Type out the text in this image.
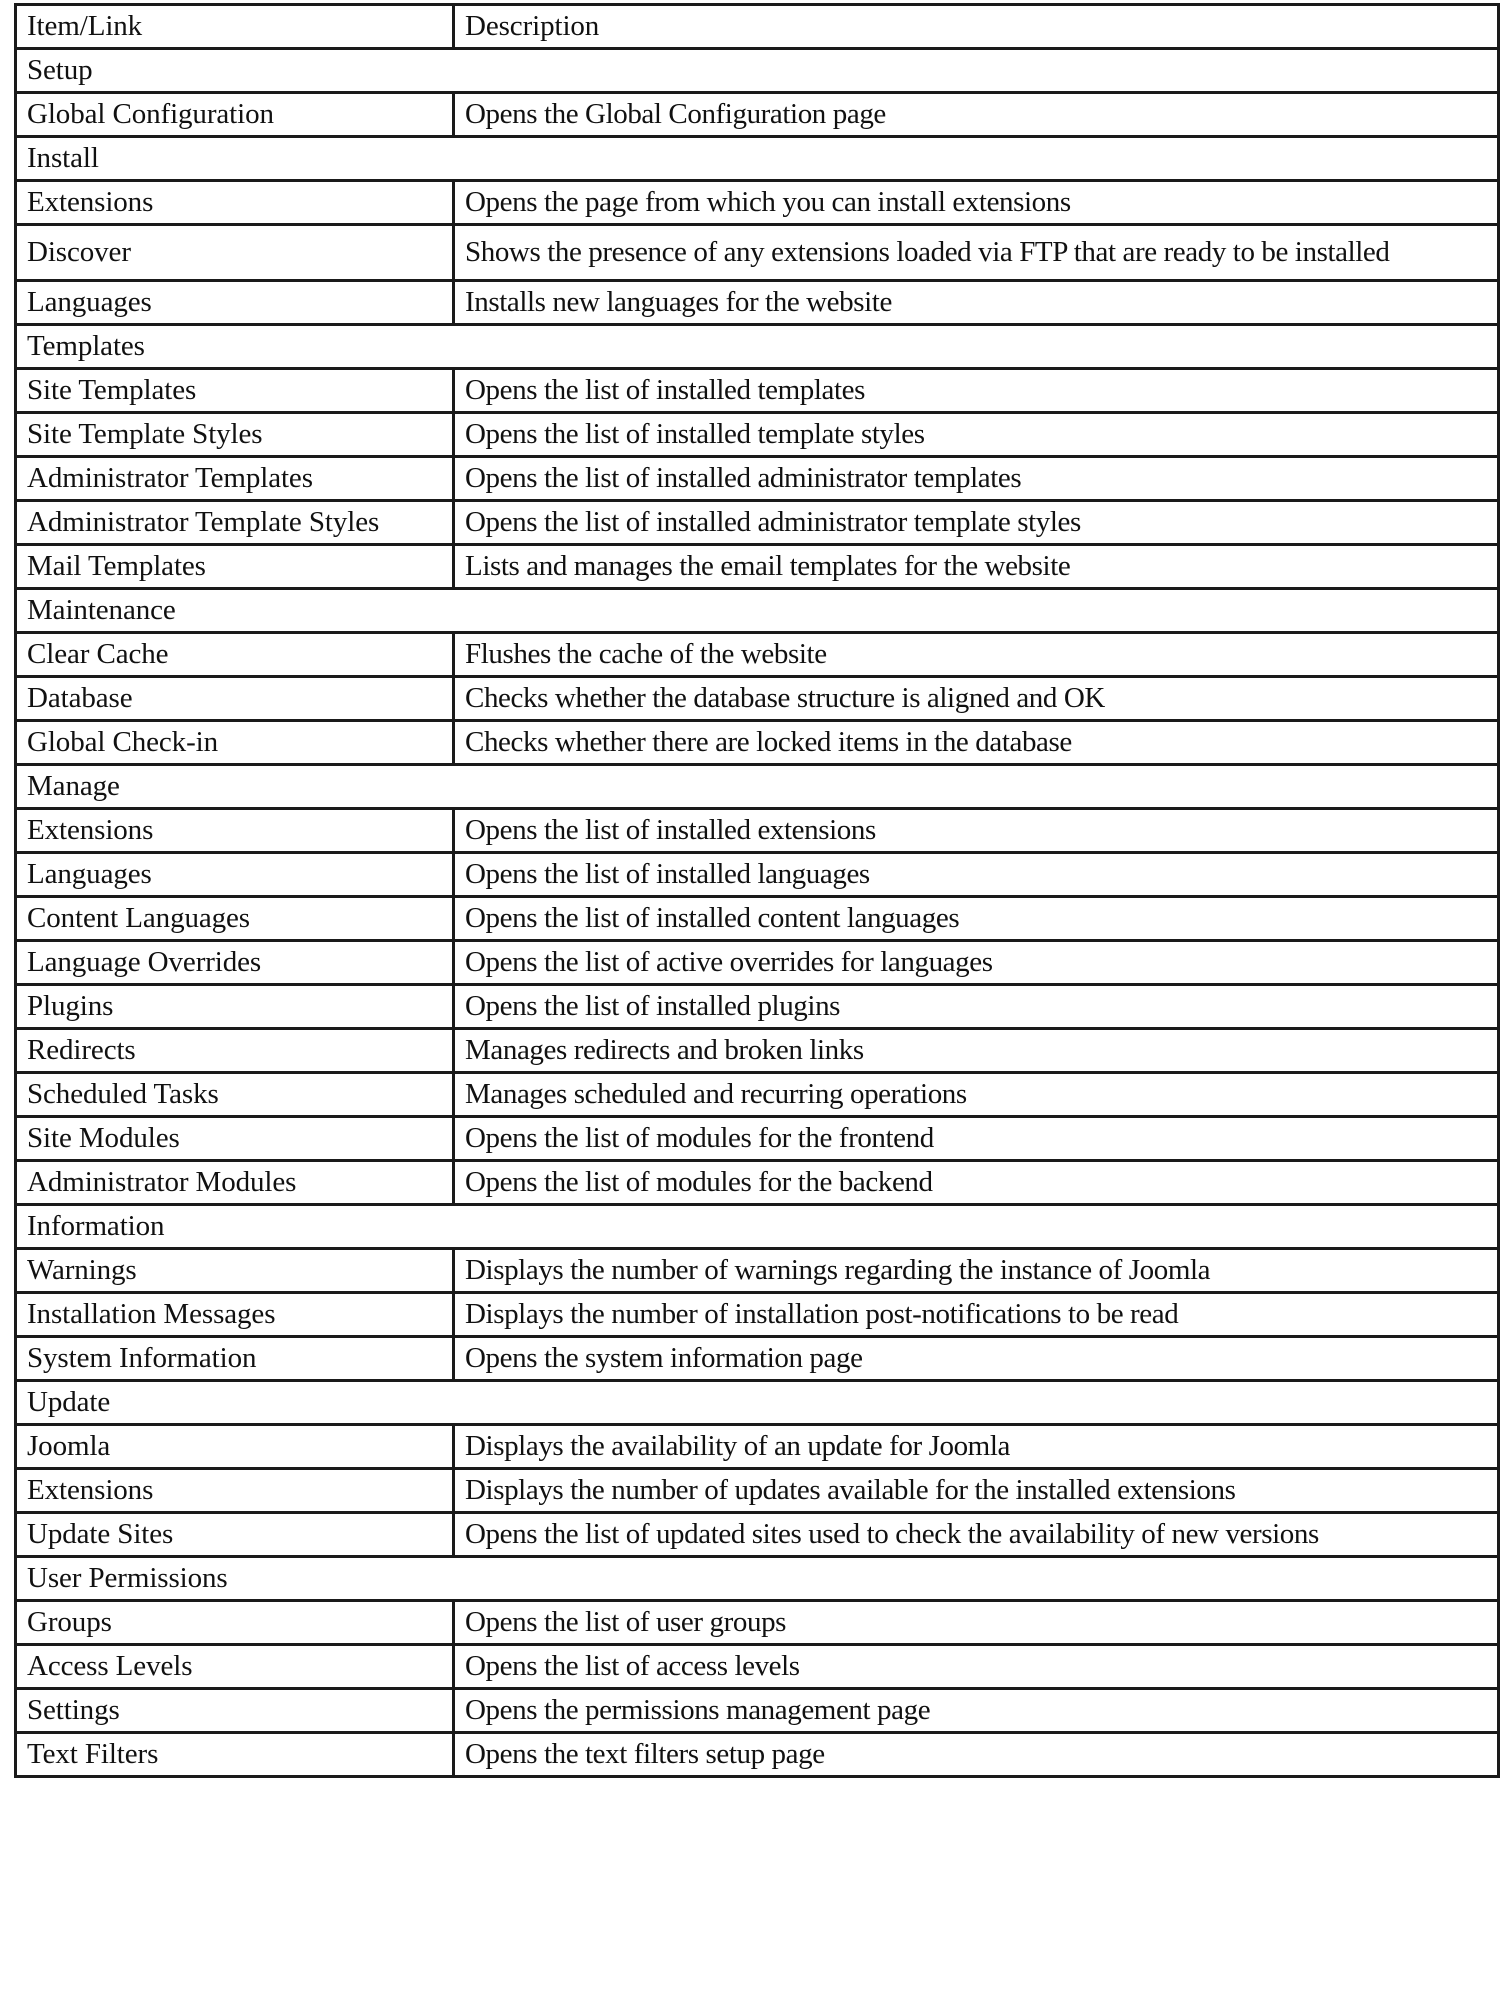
Item/Link	Description
Setup	
Global Configuration	Opens the Global Configuration page
Install	
Extensions	Opens the page from which you can install extensions
Discover	Shows the presence of any extensions loaded via FTP that are ready to be installed
Languages	Installs new languages for the website
Templates	
Site Templates	Opens the list of installed templates
Site Template Styles	Opens the list of installed template styles
Administrator Templates	Opens the list of installed administrator templates
Administrator Template Styles	Opens the list of installed administrator template styles
Mail Templates	Lists and manages the email templates for the website
Maintenance	
Clear Cache	Flushes the cache of the website
Database	Checks whether the database structure is aligned and OK
Global Check-in	Checks whether there are locked items in the database
Manage	
Extensions	Opens the list of installed extensions
Languages	Opens the list of installed languages
Content Languages	Opens the list of installed content languages
Language Overrides	Opens the list of active overrides for languages
Plugins	Opens the list of installed plugins
Redirects	Manages redirects and broken links
Scheduled Tasks	Manages scheduled and recurring operations
Site Modules	Opens the list of modules for the frontend
Administrator Modules	Opens the list of modules for the backend
Information	
Warnings	Displays the number of warnings regarding the instance of Joomla
Installation Messages	Displays the number of installation post-notifications to be read
System Information	Opens the system information page
Update	
Joomla	Displays the availability of an update for Joomla
Extensions	Displays the number of updates available for the installed extensions
Update Sites	Opens the list of updated sites used to check the availability of new versions
User Permissions	
Groups	Opens the list of user groups
Access Levels	Opens the list of access levels
Settings	Opens the permissions management page
Text Filters	Opens the text filters setup page
